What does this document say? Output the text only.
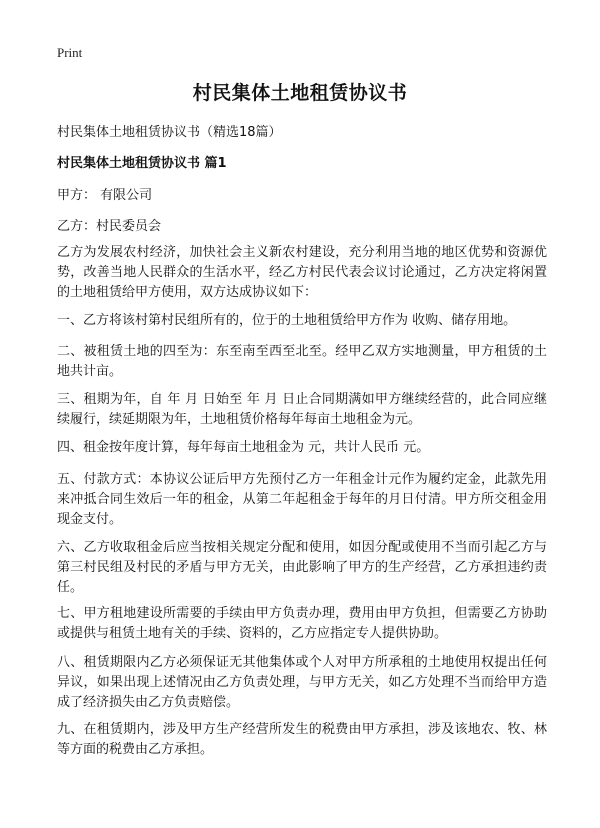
Print
村民集体土地租赁协议书
村民集体土地租赁协议书（精选18篇）
村民集体土地租赁协议书 篇1
甲方： 有限公司
乙方：村民委员会
乙方为发展农村经济，加快社会主义新农村建设，充分利用当地的地区优势和资源优势，改善当地人民群众的生活水平，经乙方村民代表会议讨论通过，乙方决定将闲置的土地租赁给甲方使用，双方达成协议如下：
一、乙方将该村第村民组所有的，位于的土地租赁给甲方作为 收购、储存用地。
二、被租赁土地的四至为：东至南至西至北至。经甲乙双方实地测量，甲方租赁的土地共计亩。
三、租期为年，自 年 月 日始至 年 月 日止合同期满如甲方继续经营的，此合同应继续履行，续延期限为年，土地租赁价格每年每亩土地租金为元。
四、租金按年度计算，每年每亩土地租金为 元，共计人民币 元。
五、付款方式：本协议公证后甲方先预付乙方一年租金计元作为履约定金，此款先用来冲抵合同生效后一年的租金，从第二年起租金于每年的月日付清。甲方所交租金用现金支付。
六、乙方收取租金后应当按相关规定分配和使用，如因分配或使用不当而引起乙方与第三村民组及村民的矛盾与甲方无关，由此影响了甲方的生产经营，乙方承担违约责任。
七、甲方租地建设所需要的手续由甲方负责办理，费用由甲方负担，但需要乙方协助或提供与租赁土地有关的手续、资料的，乙方应指定专人提供协助。
八、租赁期限内乙方必须保证无其他集体或个人对甲方所承租的土地使用权提出任何异议，如果出现上述情况由乙方负责处理，与甲方无关，如乙方处理不当而给甲方造成了经济损失由乙方负责赔偿。
九、在租赁期内，涉及甲方生产经营所发生的税费由甲方承担，涉及该地农、牧、林等方面的税费由乙方承担。
